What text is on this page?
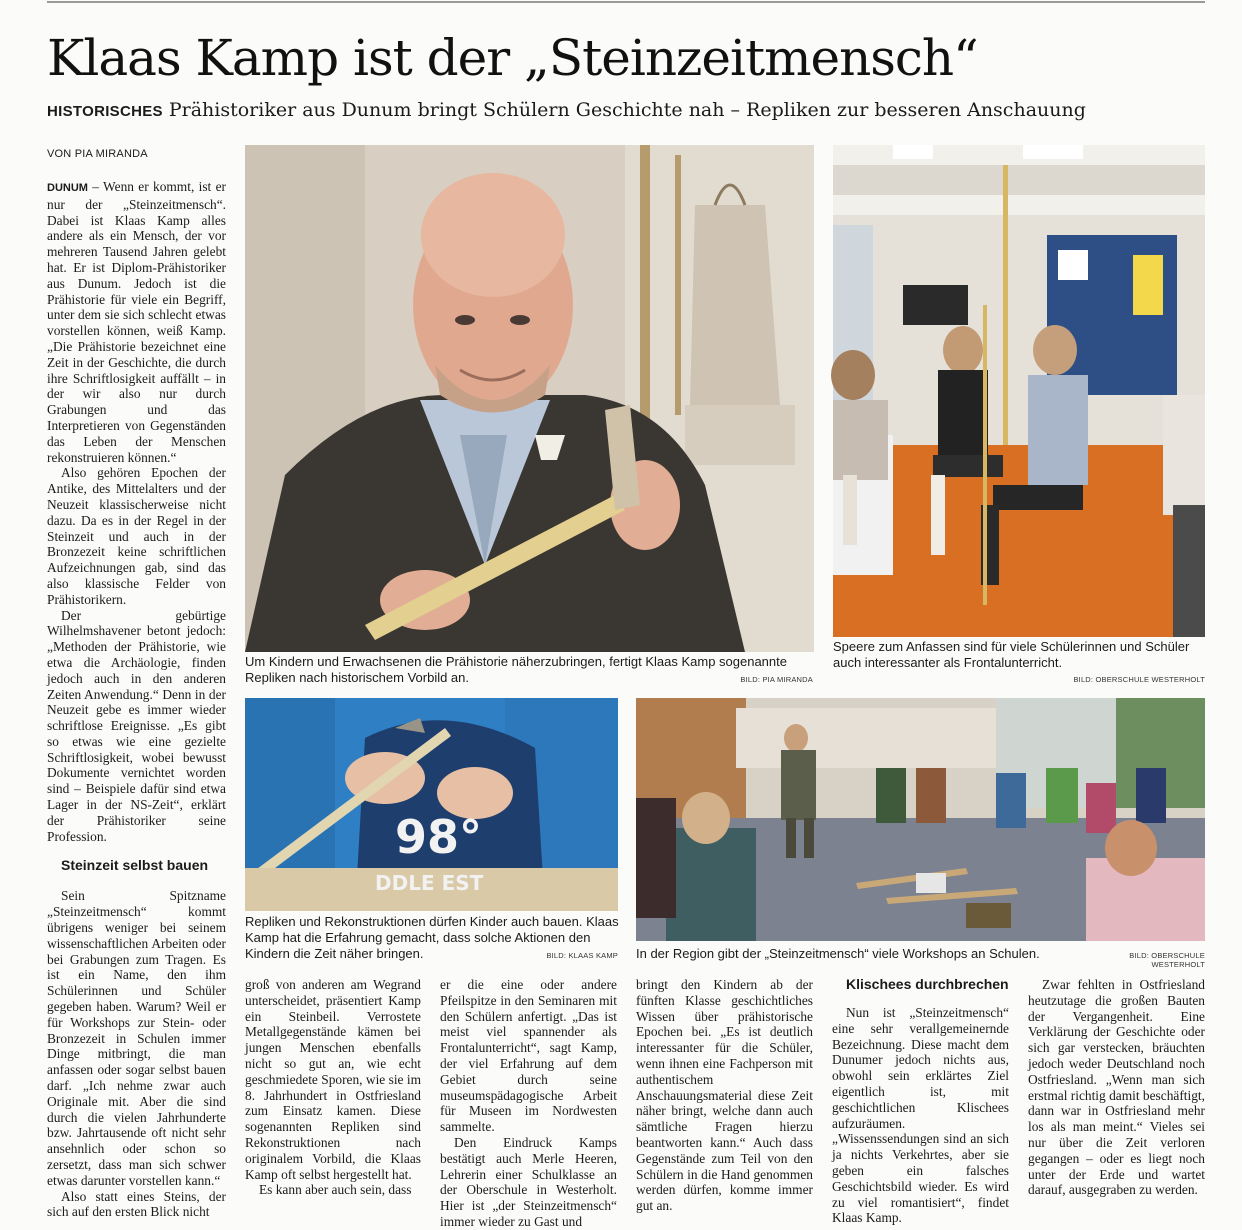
Klaas Kamp ist der „Steinzeitmensch“
HISTORISCHES Prähistoriker aus Dunum bringt Schülern Geschichte nah – Repliken zur besseren Anschauung
VON PIA MIRANDA

DUNUM – Wenn er kommt, ist er nur der „Steinzeitmensch“. Dabei ist Klaas Kamp alles andere als ein Mensch, der vor mehreren Tausend Jahren gelebt hat. Er ist Diplom-Prähistoriker aus Dunum. Jedoch ist die Prähistorie für viele ein Begriff, unter dem sie sich schlecht etwas vorstellen können, weiß Kamp. „Die Prähistorie bezeichnet eine Zeit in der Geschichte, die durch ihre Schriftlosigkeit auffällt – in der wir also nur durch Grabungen und das Interpretieren von Gegenständen das Leben der Menschen rekonstruieren können.“

Also gehören Epochen der Antike, des Mittelalters und der Neuzeit klassischerweise nicht dazu. Da es in der Regel in der Steinzeit und auch in der Bronzezeit keine schriftlichen Aufzeichnungen gab, sind das also klassische Felder von Prähistorikern.

Der gebürtige Wilhelmshavener betont jedoch: „Methoden der Prähistorie, wie etwa die Archäologie, finden jedoch auch in den anderen Zeiten Anwendung.“ Denn in der Neuzeit gebe es immer wieder schriftlose Ereignisse. „Es gibt so etwas wie eine gezielte Schriftlosigkeit, wobei bewusst Dokumente vernichtet worden sind – Beispiele dafür sind etwa Lager in der NS-Zeit“, erklärt der Prähistoriker seine Profession.

Steinzeit selbst bauen

Sein Spitzname „Steinzeitmensch“ kommt übrigens weniger bei seinem wissenschaftlichen Arbeiten oder bei Grabungen zum Tragen. Es ist ein Name, den ihm Schülerinnen und Schüler gegeben haben. Warum? Weil er für Workshops zur Stein- oder Bronzezeit in Schulen immer Dinge mitbringt, die man anfassen oder sogar selbst bauen darf. „Ich nehme zwar auch Originale mit. Aber die sind durch die vielen Jahrhunderte bzw. Jahrtausende oft nicht sehr ansehnlich oder schon so zersetzt, dass man sich schwer etwas darunter vorstellen kann.“

Also statt eines Steins, der sich auf den ersten Blick nicht

Um Kindern und Erwachsenen die Prähistorie näherzubringen, fertigt Klaas Kamp sogenannte Repliken nach historischem Vorbild an.	BILD: PIA MIRANDA
Speere zum Anfassen sind für viele Schülerinnen und Schüler auch interessanter als Frontalunterricht.
BILD: OBERSCHULE WESTERHOLT
98°
DDLE EST
Repliken und Rekonstruktionen dürfen Kinder auch bauen. Klaas Kamp hat die Erfahrung gemacht, dass solche Aktionen den Kindern die Zeit näher bringen.	BILD: KLAAS KAMP In der Region gibt der „Steinzeitmensch“ viele Workshops an Schulen.	BILD: OBERSCHULE WESTERHOLT

groß von anderen am Wegrand unterscheidet, präsentiert Kamp ein Steinbeil. Verrostete Metallgegenstände kämen bei jungen Menschen ebenfalls nicht so gut an, wie echt geschmiedete Sporen, wie sie im 8. Jahrhundert in Ostfriesland zum Einsatz kamen. Diese sogenannten Repliken sind Rekonstruktionen nach originalem Vorbild, die Klaas Kamp oft selbst hergestellt hat.

Es kann aber auch sein, dass

er die eine oder andere Pfeilspitze in den Seminaren mit den Schülern anfertigt. „Das ist meist viel spannender als Frontalunterricht“, sagt Kamp, der viel Erfahrung auf dem Gebiet durch seine museumspädagogische Arbeit für Museen im Nordwesten sammelte.

Den Eindruck Kamps bestätigt auch Merle Heeren, Lehrerin einer Schulklasse an der Oberschule in Westerholt. Hier ist „der Steinzeitmensch“ immer wieder zu Gast und

bringt den Kindern ab der fünften Klasse geschichtliches Wissen über prähistorische Epochen bei. „Es ist deutlich interessanter für die Schüler, wenn ihnen eine Fachperson mit authentischem Anschauungsmaterial diese Zeit näher bringt, welche dann auch sämtliche Fragen hierzu beantworten kann.“ Auch dass Gegenstände zum Teil von den Schülern in die Hand genommen werden dürfen, komme immer gut an.

Klischees durchbrechen

Nun ist „Steinzeitmensch“ eine sehr verallgemeinernde Bezeichnung. Diese macht dem Dunumer jedoch nichts aus, obwohl sein erklärtes Ziel eigentlich ist, mit geschichtlichen Klischees aufzuräumen. „Wissenssendungen sind an sich ja nichts Verkehrtes, aber sie geben ein falsches Geschichtsbild wieder. Es wird zu viel romantisiert“, findet Klaas Kamp.

Zwar fehlten in Ostfriesland heutzutage die großen Bauten der Vergangenheit. Eine Verklärung der Geschichte oder sich gar verstecken, bräuchten jedoch weder Deutschland noch Ostfriesland. „Wenn man sich erstmal richtig damit beschäftigt, dann war in Ostfriesland mehr los als man meint.“ Vieles sei nur über die Zeit verloren gegangen – oder es liegt noch unter der Erde und wartet darauf, ausgegraben zu werden.
